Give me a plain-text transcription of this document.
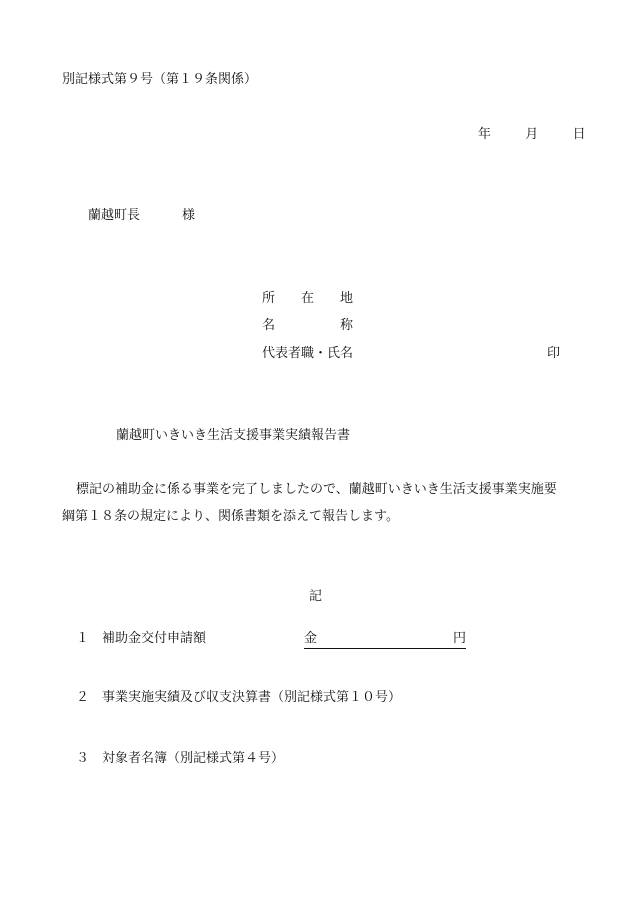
別記様式第９号（第１９条関係）
年	月	日
蘭越町長	様
所　　在　　地
名　　　　　称
代表者職・氏名	印
蘭越町いきいき生活支援事業実績報告書
標記の補助金に係る事業を完了しましたので、蘭越町いきいき生活支援事業実施要
綱第１８条の規定により、関係書類を添えて報告します。
記
１ 補助金交付申請額	金	円
２ 事業実施実績及び収支決算書（別記様式第１０号）
３ 対象者名簿（別記様式第４号）
